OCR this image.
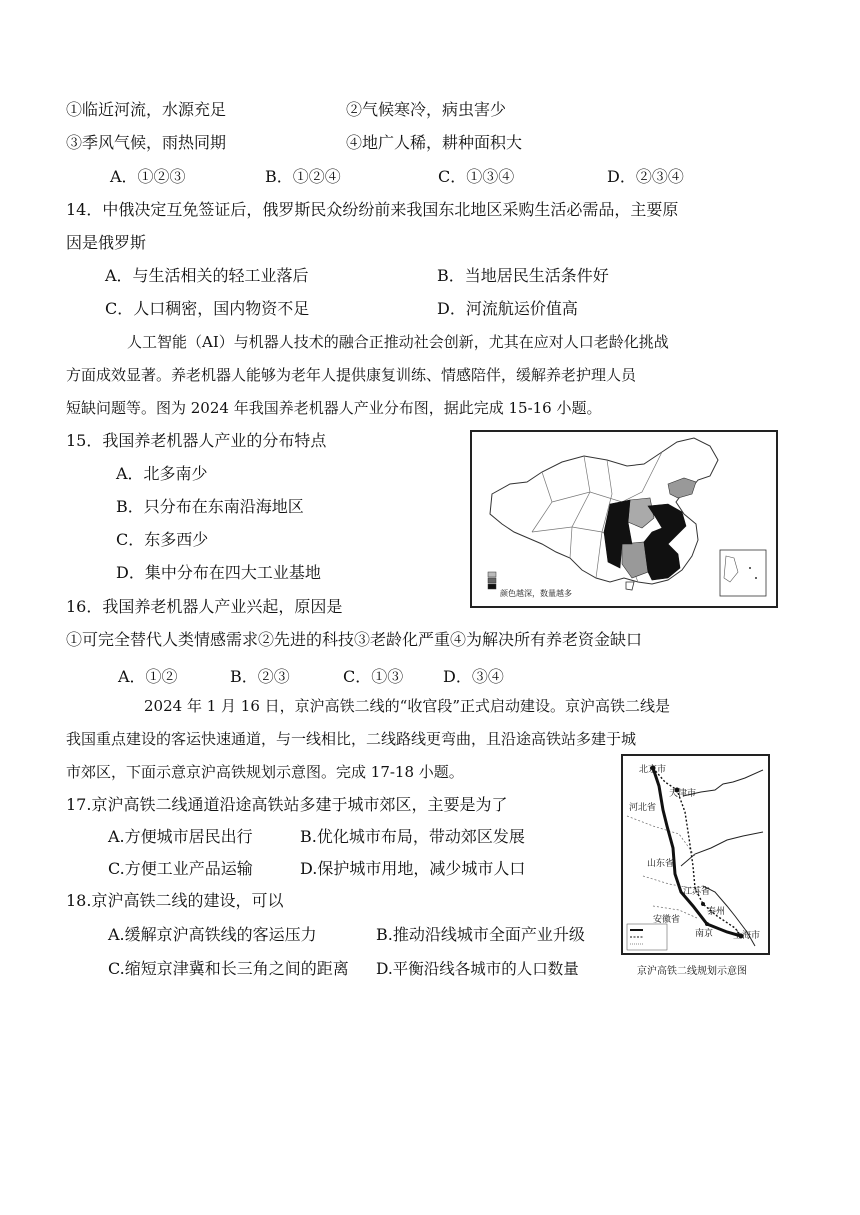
①临近河流，水源充足	②气候寒冷，病虫害少
③季风气候，雨热同期	④地广人稀，耕种面积大
A．①②③	B．①②④	C．①③④	D．②③④
14．中俄决定互免签证后，俄罗斯民众纷纷前来我国东北地区采购生活必需品，主要原
因是俄罗斯
A．与生活相关的轻工业落后	B．当地居民生活条件好
C．人口稠密，国内物资不足	D．河流航运价值高
人工智能（AI）与机器人技术的融合正推动社会创新，尤其在应对人口老龄化挑战
方面成效显著。养老机器人能够为老年人提供康复训练、情感陪伴，缓解养老护理人员
短缺问题等。图为 2024 年我国养老机器人产业分布图，据此完成 15-16 小题。
15．我国养老机器人产业的分布特点
A．北多南少
B．只分布在东南沿海地区
C．东多西少
D．集中分布在四大工业基地
颜色越深，数量越多
16．我国养老机器人产业兴起，原因是
①可完全替代人类情感需求②先进的科技③老龄化严重④为解决所有养老资金缺口
A．①②	B．②③	C．①③ D．③④
2024 年 1 月 16 日，京沪高铁二线的“收官段”正式启动建设。京沪高铁二线是
我国重点建设的客运快速通道，与一线相比，二线路线更弯曲，且沿途高铁站多建于城
市郊区，下面示意京沪高铁规划示意图。完成 17-18 小题。
17.京沪高铁二线通道沿途高铁站多建于城市郊区，主要是为了
A.方便城市居民出行	B.优化城市布局，带动郊区发展
C.方便工业产品运输	D.保护城市用地，减少城市人口
18.京沪高铁二线的建设，可以
A.缓解京沪高铁线的客运压力	B.推动沿线城市全面产业升级
C.缩短京津冀和长三角之间的距离 D.平衡沿线各城市的人口数量
北京市
天津市
河北省
山东省
江苏省
安徽省
泰州
南京 上海市
京沪高铁二线规划示意图
